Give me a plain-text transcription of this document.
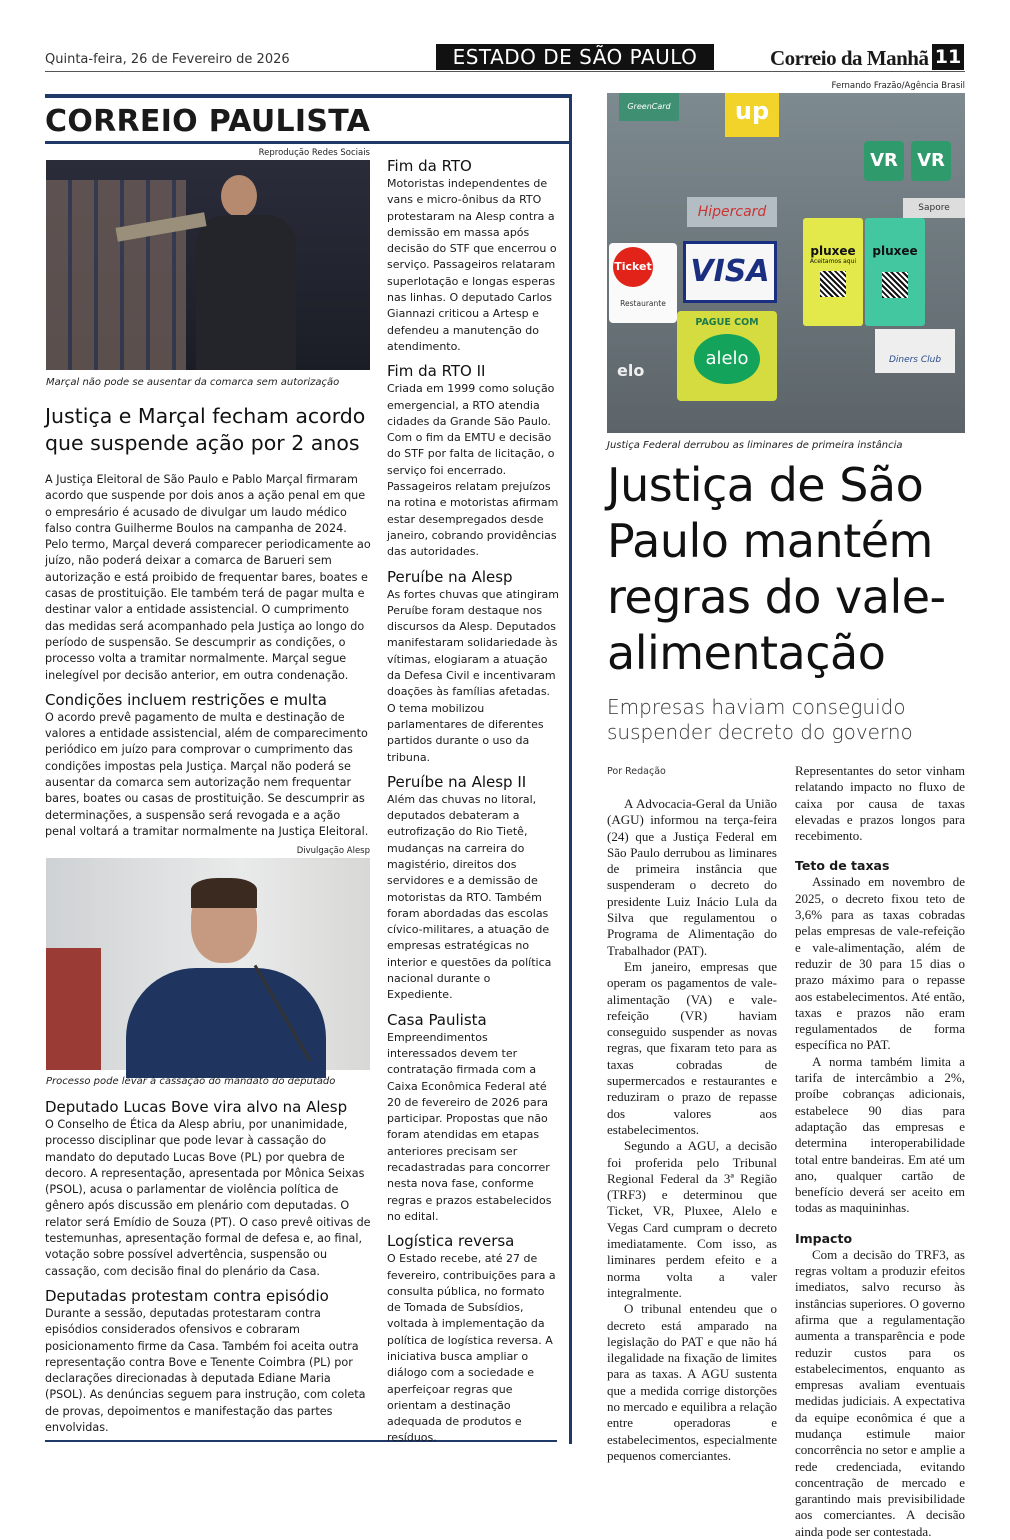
Quinta-feira, 26 de Fevereiro de 2026	ESTADO DE SÃO PAULO	Correio da Manhã 11
CORREIO PAULISTA
Reprodução Redes Sociais
Marçal não pode se ausentar da comarca sem autorização
Justiça e Marçal fecham acordo que suspende ação por 2 anos

A Justiça Eleitoral de São Paulo e Pablo Marçal firmaram acordo que suspende por dois anos a ação penal em que o empresário é acusado de divulgar um laudo médico falso contra Guilherme Boulos na campanha de 2024. Pelo termo, Marçal deverá comparecer periodicamente ao juízo, não poderá deixar a comarca de Barueri sem autorização e está proibido de frequentar bares, boates e casas de prostituição. Ele também terá de pagar multa e destinar valor a entidade assistencial. O cumprimento das medidas será acompanhado pela Justiça ao longo do período de suspensão. Se descumprir as condições, o processo volta a tramitar normalmente. Marçal segue inelegível por decisão anterior, em outra condenação.

Condições incluem restrições e multa

O acordo prevê pagamento de multa e destinação de valores a entidade assistencial, além de comparecimento periódico em juízo para comprovar o cumprimento das condições impostas pela Justiça. Marçal não poderá se ausentar da comarca sem autorização nem frequentar bares, boates ou casas de prostituição. Se descumprir as determinações, a suspensão será revogada e a ação penal voltará a tramitar normalmente na Justiça Eleitoral.

Divulgação Alesp
Processo pode levar à cassação do mandato do deputado
Deputado Lucas Bove vira alvo na Alesp

O Conselho de Ética da Alesp abriu, por unanimidade, processo disciplinar que pode levar à cassação do mandato do deputado Lucas Bove (PL) por quebra de decoro. A representação, apresentada por Mônica Seixas (PSOL), acusa o parlamentar de violência política de gênero após discussão em plenário com deputadas. O relator será Emídio de Souza (PT). O caso prevê oitivas de testemunhas, apresentação formal de defesa e, ao final, votação sobre possível advertência, suspensão ou cassação, com decisão final do plenário da Casa.

Deputadas protestam contra episódio

Durante a sessão, deputadas protestaram contra episódios considerados ofensivos e cobraram posicionamento firme da Casa. Também foi aceita outra representação contra Bove e Tenente Coimbra (PL) por declarações direcionadas à deputada Ediane Maria (PSOL). As denúncias seguem para instrução, com coleta de provas, depoimentos e manifestação das partes envolvidas.

Fim da RTO

Motoristas independentes de vans e micro-ônibus da RTO protestaram na Alesp contra a demissão em massa após decisão do STF que encerrou o serviço. Passageiros relataram superlotação e longas esperas nas linhas. O deputado Carlos Giannazi criticou a Artesp e defendeu a manutenção do atendimento.

Fim da RTO II

Criada em 1999 como solução emergencial, a RTO atendia cidades da Grande São Paulo. Com o fim da EMTU e decisão do STF por falta de licitação, o serviço foi encerrado. Passageiros relatam prejuízos na rotina e motoristas afirmam estar desempregados desde janeiro, cobrando providências das autoridades.

Peruíbe na Alesp

As fortes chuvas que atingiram Peruíbe foram destaque nos discursos da Alesp. Deputados manifestaram solidariedade às vítimas, elogiaram a atuação da Defesa Civil e incentivaram doações às famílias afetadas. O tema mobilizou parlamentares de diferentes partidos durante o uso da tribuna.

Peruíbe na Alesp II

Além das chuvas no litoral, deputados debateram a eutrofização do Rio Tietê, mudanças na carreira do magistério, direitos dos servidores e a demissão de motoristas da RTO. Também foram abordadas das escolas cívico-militares, a atuação de empresas estratégicas no interior e questões da política nacional durante o Expediente.

Casa Paulista

Empreendimentos interessados devem ter contratação firmada com a Caixa Econômica Federal até 20 de fevereiro de 2026 para participar. Propostas que não foram atendidas em etapas anteriores precisam ser recadastradas para concorrer nesta nova fase, conforme regras e prazos estabelecidos no edital.

Logística reversa

O Estado recebe, até 27 de fevereiro, contribuições para a consulta pública, no formato de Tomada de Subsídios, voltada à implementação da política de logística reversa. A iniciativa busca ampliar o diálogo com a sociedade e aperfeiçoar regras que orientam a destinação adequada de produtos e resíduos.

Fernando Frazão/Agência Brasil
GreenCard	up
VR	VR
Hipercard	Sapore
Ticket
Restaurante
VISA
pluxee
Aceitamos aqui
pluxee
PAGUE COM
alelo	Diners Club
elo
Justiça Federal derrubou as liminares de primeira instância
Justiça de São Paulo mantém regras do vale-alimentação
Empresas haviam conseguido suspender decreto do governo
Por Redação

A Advocacia-Geral da União (AGU) informou na terça-feira (24) que a Justiça Federal em São Paulo derrubou as liminares de primeira instância que suspenderam o decreto do presidente Luiz Inácio Lula da Silva que regulamentou o Programa de Alimentação do Trabalhador (PAT).

Em janeiro, empresas que operam os pagamentos de vale-alimentação (VA) e vale-refeição (VR) haviam conseguido suspender as novas regras, que fixaram teto para as taxas cobradas de supermercados e restaurantes e reduziram o prazo de repasse dos valores aos estabelecimentos.

Segundo a AGU, a decisão foi proferida pelo Tribunal Regional Federal da 3ª Região (TRF3) e determinou que Ticket, VR, Pluxee, Alelo e Vegas Card cumpram o decreto imediatamente. Com isso, as liminares perdem efeito e a norma volta a valer integralmente.

O tribunal entendeu que o decreto está amparado na legislação do PAT e que não há ilegalidade na fixação de limites para as taxas. A AGU sustenta que a medida corrige distorções no mercado e equilibra a relação entre operadoras e estabelecimentos, especialmente pequenos comerciantes.

Representantes do setor vinham relatando impacto no fluxo de caixa por causa de taxas elevadas e prazos longos para recebimento.

Teto de taxas

Assinado em novembro de 2025, o decreto fixou teto de 3,6% para as taxas cobradas pelas empresas de vale-refeição e vale-alimentação, além de reduzir de 30 para 15 dias o prazo máximo para o repasse aos estabelecimentos. Até então, taxas e prazos não eram regulamentados de forma específica no PAT.

A norma também limita a tarifa de intercâmbio a 2%, proíbe cobranças adicionais, estabelece 90 dias para adaptação das empresas e determina interoperabilidade total entre bandeiras. Em até um ano, qualquer cartão de benefício deverá ser aceito em todas as maquininhas.

Impacto

Com a decisão do TRF3, as regras voltam a produzir efeitos imediatos, salvo recurso às instâncias superiores. O governo afirma que a regulamentação aumenta a transparência e pode reduzir custos para os estabelecimentos, enquanto as empresas avaliam eventuais medidas judiciais. A expectativa da equipe econômica é que a mudança estimule maior concorrência no setor e amplie a rede credenciada, evitando concentração de mercado e garantindo mais previsibilidade aos comerciantes. A decisão ainda pode ser contestada.
